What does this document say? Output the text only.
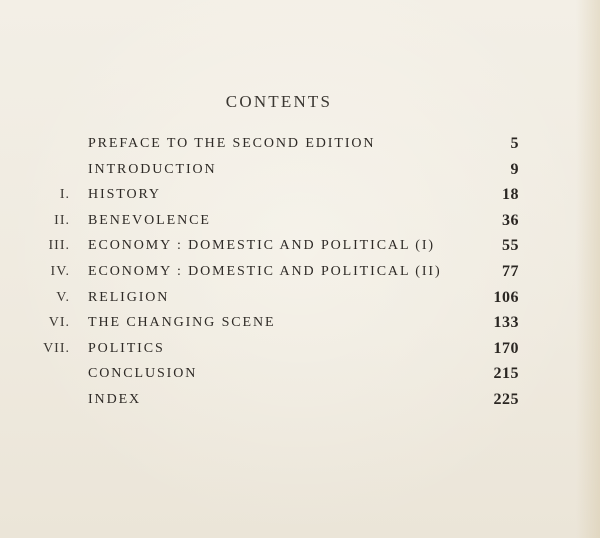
CONTENTS
PREFACE TO THE SECOND EDITION	5
INTRODUCTION	9
I. HISTORY	18
II. BENEVOLENCE	36
III. ECONOMY : DOMESTIC AND POLITICAL (I)	55
IV. ECONOMY : DOMESTIC AND POLITICAL (II)	77
V. RELIGION	106
VI. THE CHANGING SCENE	133
VII. POLITICS	170
CONCLUSION	215
INDEX	225
